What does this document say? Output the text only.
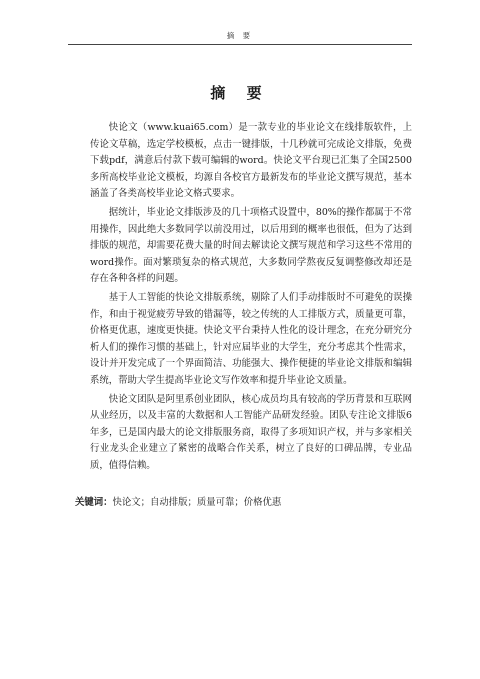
摘 要
摘 要

快论文（www.kuai65.com）是一款专业的毕业论文在线排版软件，上传论文草稿，选定学校模板，点击一键排版，十几秒就可完成论文排版，免费下载pdf，满意后付款下载可编辑的word。快论文平台现已汇集了全国2500多所高校毕业论文模板，均源自各校官方最新发布的毕业论文撰写规范，基本涵盖了各类高校毕业论文格式要求。

据统计，毕业论文排版涉及的几十项格式设置中，80%的操作都属于不常用操作，因此绝大多数同学以前没用过，以后用到的概率也很低，但为了达到排版的规范，却需要花费大量的时间去解读论文撰写规范和学习这些不常用的word操作。面对繁琐复杂的格式规范，大多数同学熬夜反复调整修改却还是存在各种各样的问题。

基于人工智能的快论文排版系统，剔除了人们手动排版时不可避免的误操作，和由于视觉疲劳导致的错漏等，较之传统的人工排版方式，质量更可靠，价格更优惠，速度更快捷。快论文平台秉持人性化的设计理念，在充分研究分析人们的操作习惯的基础上，针对应届毕业的大学生，充分考虑其个性需求，设计并开发完成了一个界面简洁、功能强大、操作便捷的毕业论文排版和编辑系统，帮助大学生提高毕业论文写作效率和提升毕业论文质量。

快论文团队是阿里系创业团队，核心成员均具有较高的学历背景和互联网从业经历，以及丰富的大数据和人工智能产品研发经验。团队专注论文排版6年多，已是国内最大的论文排版服务商，取得了多项知识产权，并与多家相关行业龙头企业建立了紧密的战略合作关系，树立了良好的口碑品牌，专业品质，值得信赖。

关键词：快论文；自动排版；质量可靠；价格优惠
